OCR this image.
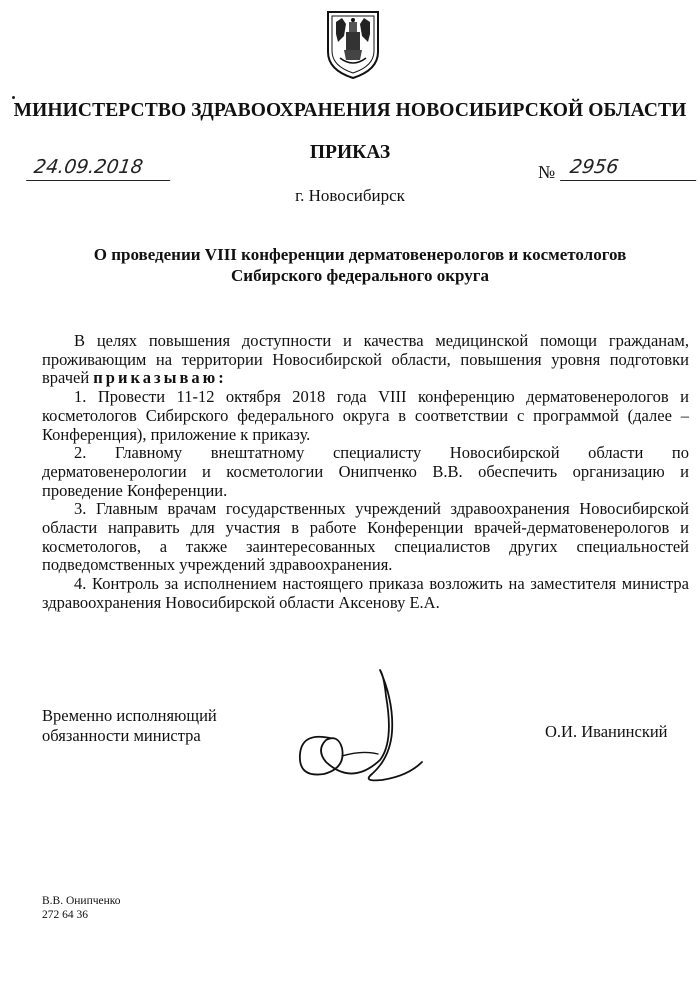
МИНИСТЕРСТВО ЗДРАВООХРАНЕНИЯ НОВОСИБИРСКОЙ ОБЛАСТИ
ПРИКАЗ
24.09.2018	№ 2956
г. Новосибирск
О проведении VIII конференции дерматовенерологов и косметологов
Сибирского федерального округа

В целях повышения доступности и качества медицинской помощи гражданам, проживающим на территории Новосибирской области, повышения уровня подготовки врачей приказываю:

1. Провести 11-12 октября 2018 года VIII конференцию дерматовенерологов и косметологов Сибирского федерального округа в соответствии с программой (далее – Конференция), приложение к приказу.

2. Главному внештатному специалисту Новосибирской области по дерматовенерологии и косметологии Онипченко В.В. обеспечить организацию и проведение Конференции.

3. Главным врачам государственных учреждений здравоохранения Новосибирской области направить для участия в работе Конференции врачей-дерматовенерологов и косметологов, а также заинтересованных специалистов других специальностей подведомственных учреждений здравоохранения.

4. Контроль за исполнением настоящего приказа возложить на заместителя министра здравоохранения Новосибирской области Аксенову Е.А.

Временно исполняющий
обязанности министра	О.И. Иванинский
В.В. Онипченко
272 64 36
